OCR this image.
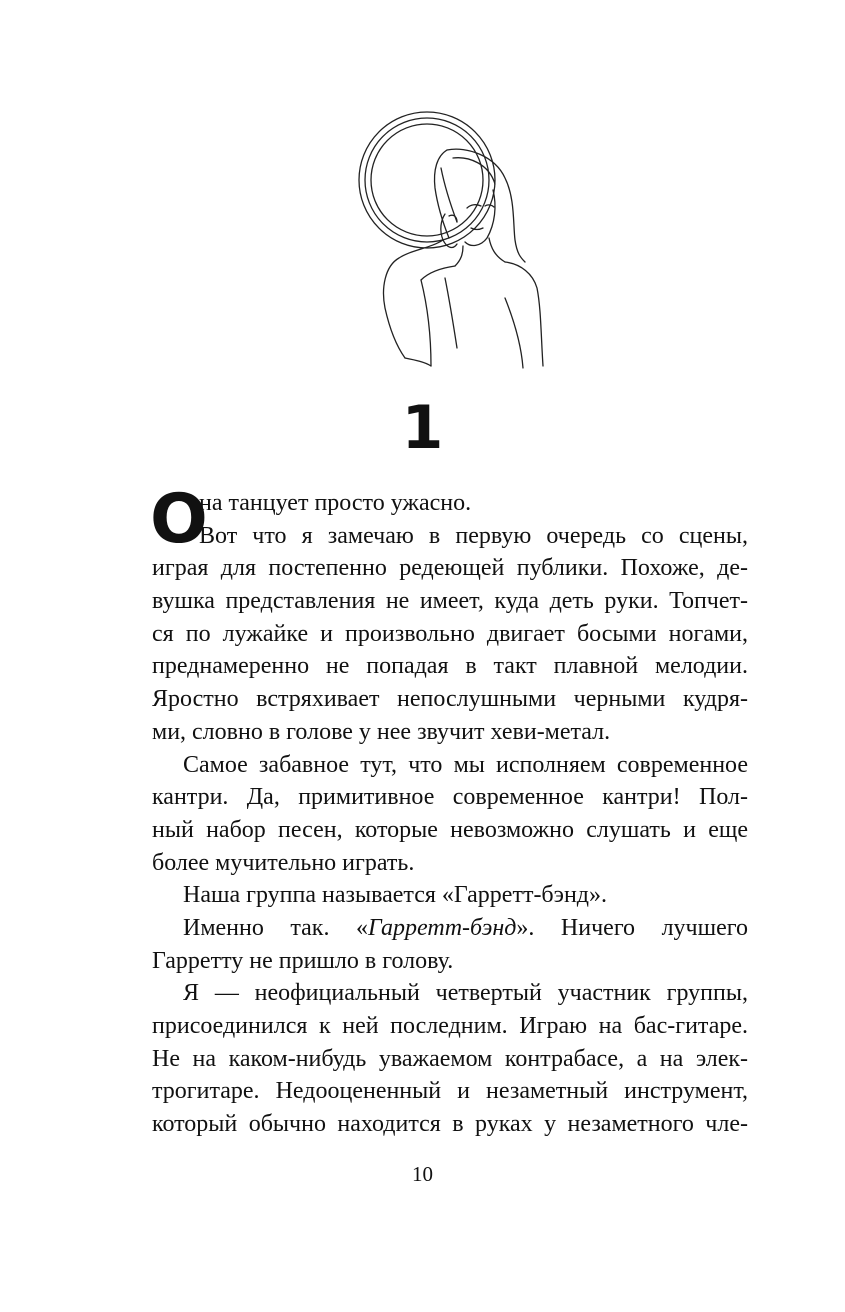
1
О
на танцует просто ужасно.
Вот что я замечаю в первую очередь со сцены,
играя для постепенно редеющей публики. Похоже, де-
вушка представления не имеет, куда деть руки. Топчет-
ся по лужайке и произвольно двигает босыми ногами,
преднамеренно не попадая в такт плавной мелодии.
Яростно встряхивает непослушными черными кудря-
ми, словно в голове у нее звучит хеви-метал.
Самое забавное тут, что мы исполняем современное
кантри. Да, примитивное современное кантри! Пол-
ный набор песен, которые невозможно слушать и еще
более мучительно играть.
Наша группа называется «Гарретт-бэнд».
Именно так. «Гарретт-бэнд». Ничего лучшего
Гарретту не пришло в голову.
Я — неофициальный четвертый участник группы,
присоединился к ней последним. Играю на бас-гитаре.
Не на каком-нибудь уважаемом контрабасе, а на элек-
трогитаре. Недооцененный и незаметный инструмент,
который обычно находится в руках у незаметного чле-
10
